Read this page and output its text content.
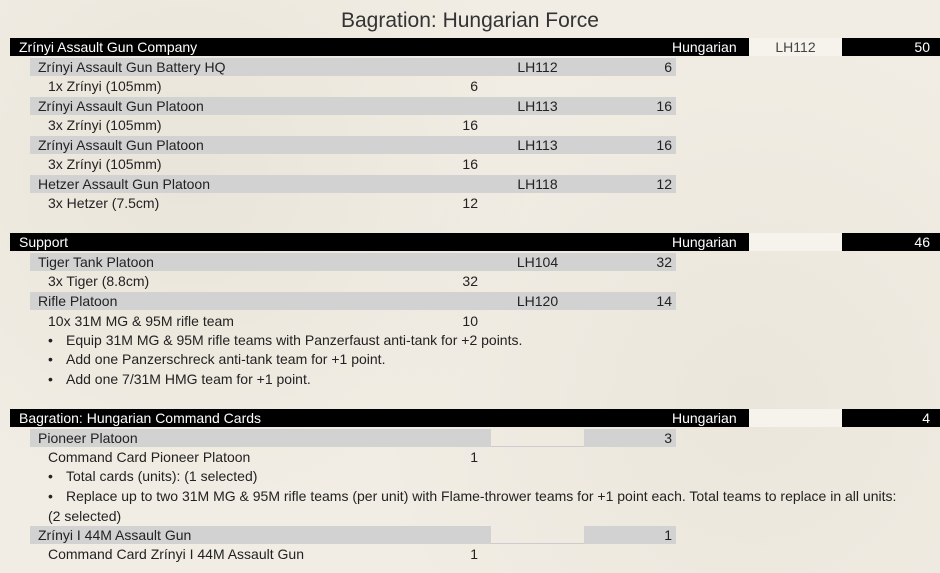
Bagration: Hungarian Force
Zrínyi Assault Gun Company	Hungarian	LH112	50
Zrínyi Assault Gun Battery HQ	LH112	6
1x Zrínyi (105mm)	6
Zrínyi Assault Gun Platoon	LH113	16
3x Zrínyi (105mm)	16
Zrínyi Assault Gun Platoon	LH113	16
3x Zrínyi (105mm)	16
Hetzer Assault Gun Platoon	LH118	12
3x Hetzer (7.5cm)	12
Support	Hungarian	46
Tiger Tank Platoon	LH104	32
3x Tiger (8.8cm)	32
Rifle Platoon	LH120	14
10x 31M MG & 95M rifle team	10
• Equip 31M MG & 95M rifle teams with Panzerfaust anti-tank for +2 points.
• Add one Panzerschreck anti-tank team for +1 point.
• Add one 7/31M HMG team for +1 point.
Bagration: Hungarian Command Cards	Hungarian	4
Pioneer Platoon	3
Command Card Pioneer Platoon	1
• Total cards (units): (1 selected)
• Replace up to two 31M MG & 95M rifle teams (per unit) with Flame-thrower teams for +1 point each. Total teams to replace in all units: (2 selected)
Zrínyi I 44M Assault Gun	1
Command Card Zrínyi I 44M Assault Gun	1
